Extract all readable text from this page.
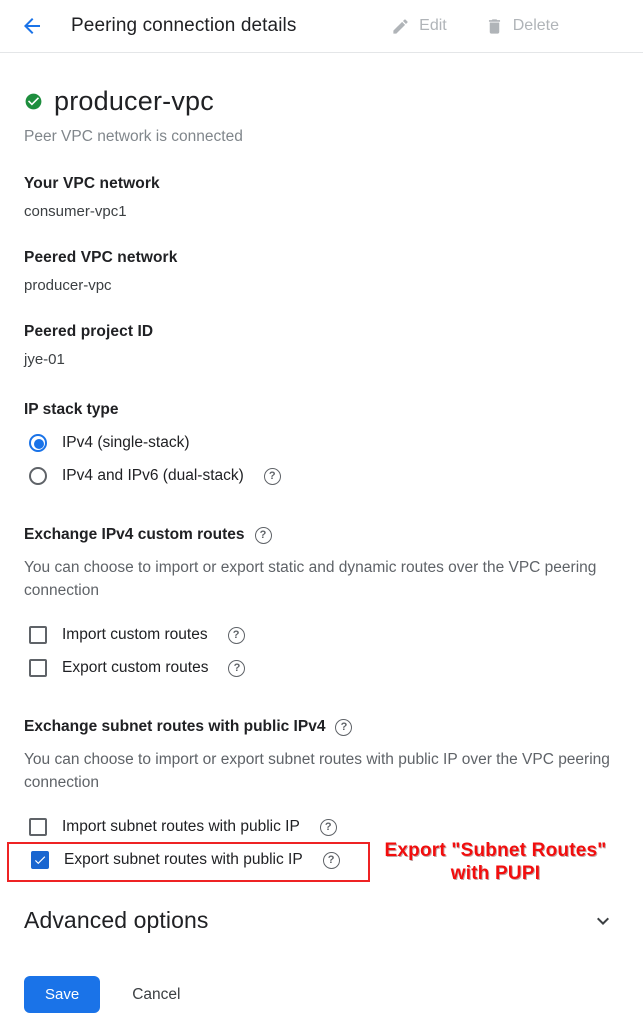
Peering connection details	Edit	Delete
producer-vpc
Peer VPC network is connected
Your VPC network
consumer-vpc1
Peered VPC network
producer-vpc
Peered project ID
jye-01
IP stack type
IPv4 (single-stack)
IPv4 and IPv6 (dual-stack)	?
Exchange IPv4 custom routes	?
You can choose to import or export static and dynamic routes over the VPC peering connection
Import custom routes	?
Export custom routes	?
Exchange subnet routes with public IPv4	?
You can choose to import or export subnet routes with public IP over the VPC peering connection
Import subnet routes with public IP	?
Export subnet routes with public IP	?	Export "Subnet Routes"
with PUPI
Advanced options
Save	Cancel
